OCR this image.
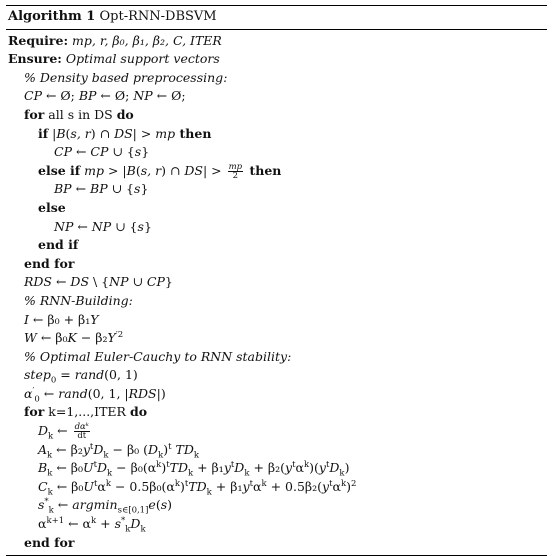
Algorithm 1 Opt-RNN-DBSVM
Require: mp, r, β₀, β₁, β₂, C, ITER
Ensure: Optimal support vectors
% Density based preprocessing:
CP ← Ø; BP ← Ø; NP ← Ø;
for all s in DS do
if |B(s, r) ∩ DS| > mp then
CP ← CP ∪ {s}
else if mp > |B(s, r) ∩ $DS| > \frac{mp}{2}$ then
BP ← BP ∪ {s}
else
NP ← NP ∪ {s}
end if
end for
RDS ← DS \ {NP ∪ CP}
% RNN-Building:
I ← β₀ + β₁Y
W ← $\beta_0K - \beta_2Y^{'2}$
% Optimal Euler-Cauchy to RNN stability:
step$_0$ = rand(0, 1)
$\alpha'_0$ ← rand(0, 1, |RDS|)
for k=1,...,ITER do
$D_k$ ← $\frac{\text{dαᵏ}}{dt}$
$A_k$ ← $\beta_2y^tD_k - \beta_0$ $(D_k)^t$ $TD_k$
$B_k$ ← $\beta_0U^tD_k - \beta_0(\alpha^k)^tTD_k + \beta_1y^tD_k + \beta_2(y^t\alpha^k)(y^tD_k)$
$C_k$ ← $\beta_0U^t\alpha^k - 0.5\beta_0(\alpha^k)^tTD_k + \beta_1y^t\alpha^k + 0.5\beta_2(y^t\alpha^k)^2$
$s^*_k$ ← argmin$_{s\in[0,1]}$e(s)
$\alpha^{k+1}$ ← $\alpha^k + s^*_kD_k$
end for
